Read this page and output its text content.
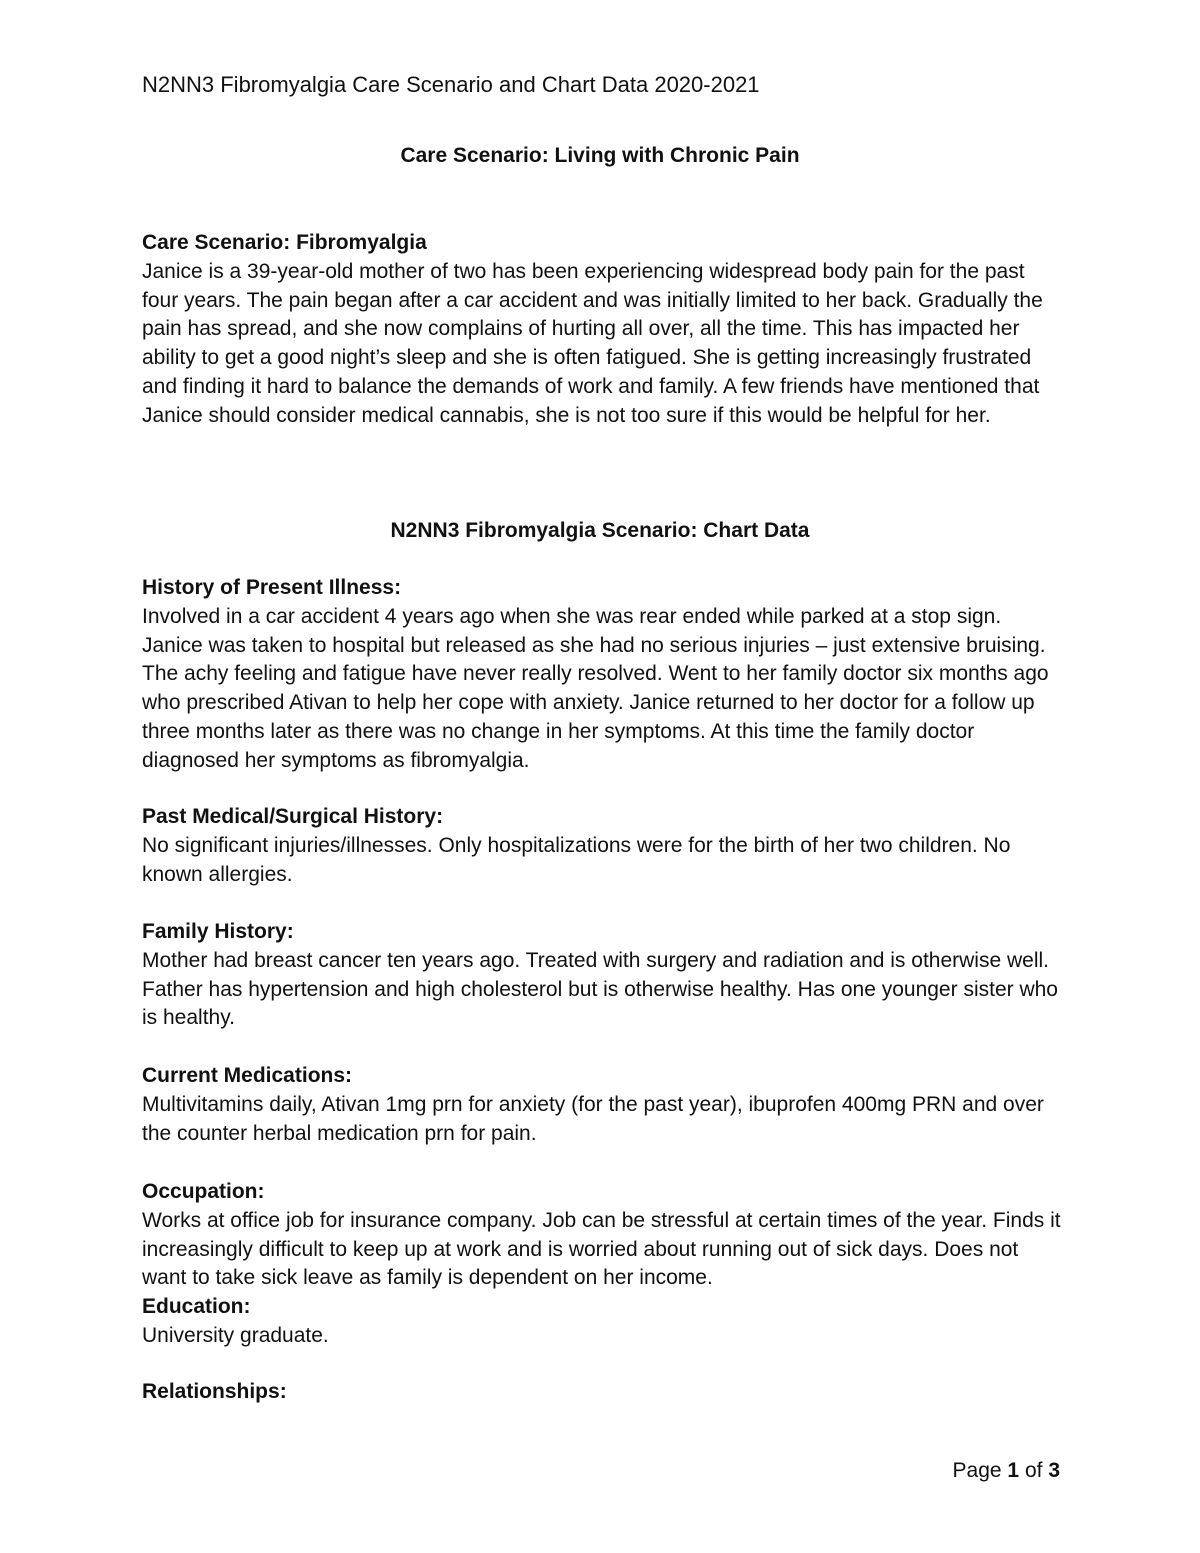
N2NN3 Fibromyalgia Care Scenario and Chart Data 2020-2021
Care Scenario: Living with Chronic Pain
Care Scenario: Fibromyalgia
Janice is a 39-year-old mother of two has been experiencing widespread body pain for the past four years. The pain began after a car accident and was initially limited to her back. Gradually the pain has spread, and she now complains of hurting all over, all the time. This has impacted her ability to get a good night’s sleep and she is often fatigued. She is getting increasingly frustrated and finding it hard to balance the demands of work and family. A few friends have mentioned that Janice should consider medical cannabis, she is not too sure if this would be helpful for her.
N2NN3 Fibromyalgia Scenario: Chart Data
History of Present Illness:
Involved in a car accident 4 years ago when she was rear ended while parked at a stop sign. Janice was taken to hospital but released as she had no serious injuries – just extensive bruising. The achy feeling and fatigue have never really resolved. Went to her family doctor six months ago who prescribed Ativan to help her cope with anxiety. Janice returned to her doctor for a follow up three months later as there was no change in her symptoms. At this time the family doctor diagnosed her symptoms as fibromyalgia.
Past Medical/Surgical History:
No significant injuries/illnesses. Only hospitalizations were for the birth of her two children. No known allergies.
Family History:
Mother had breast cancer ten years ago. Treated with surgery and radiation and is otherwise well. Father has hypertension and high cholesterol but is otherwise healthy. Has one younger sister who is healthy.
Current Medications:
Multivitamins daily, Ativan 1mg prn for anxiety (for the past year), ibuprofen 400mg PRN and over the counter herbal medication prn for pain.
Occupation:
Works at office job for insurance company. Job can be stressful at certain times of the year. Finds it increasingly difficult to keep up at work and is worried about running out of sick days. Does not want to take sick leave as family is dependent on her income.
Education:
University graduate.
Relationships:
Page 1 of 3
